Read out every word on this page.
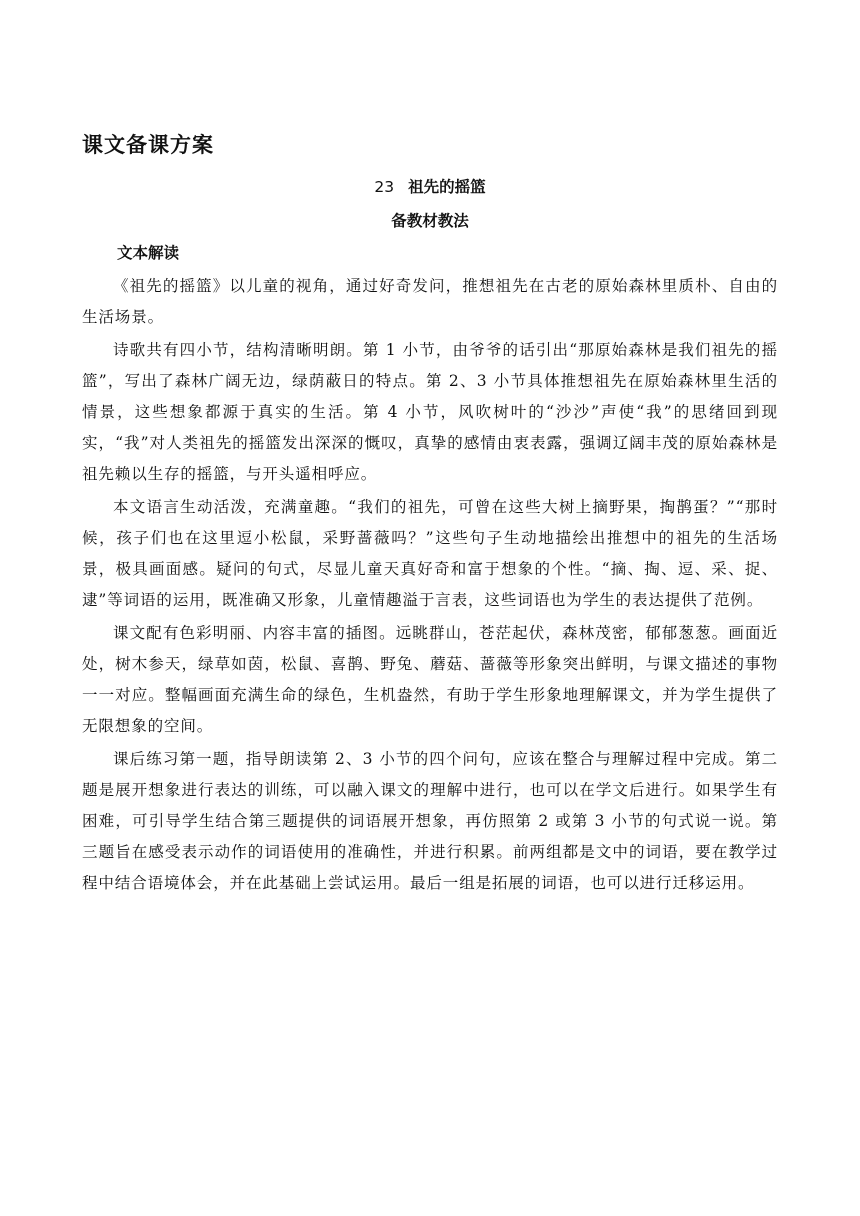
课文备课方案
23 祖先的摇篮
备教材教法
文本解读

《祖先的摇篮》以儿童的视角，通过好奇发问，推想祖先在古老的原始森林里质朴、自由的生活场景。

诗歌共有四小节，结构清晰明朗。第 1 小节，由爷爷的话引出“那原始森林是我们祖先的摇篮”，写出了森林广阔无边，绿荫蔽日的特点。第 2、3 小节具体推想祖先在原始森林里生活的情景，这些想象都源于真实的生活。第 4 小节，风吹树叶的“沙沙”声使“我”的思绪回到现实，“我”对人类祖先的摇篮发出深深的慨叹，真挚的感情由衷表露，强调辽阔丰茂的原始森林是祖先赖以生存的摇篮，与开头遥相呼应。

本文语言生动活泼，充满童趣。“我们的祖先，可曾在这些大树上摘野果，掏鹊蛋？”“那时候，孩子们也在这里逗小松鼠，采野蔷薇吗？”这些句子生动地描绘出推想中的祖先的生活场景，极具画面感。疑问的句式，尽显儿童天真好奇和富于想象的个性。“摘、掏、逗、采、捉、逮”等词语的运用，既准确又形象，儿童情趣溢于言表，这些词语也为学生的表达提供了范例。

课文配有色彩明丽、内容丰富的插图。远眺群山，苍茫起伏，森林茂密，郁郁葱葱。画面近处，树木参天，绿草如茵，松鼠、喜鹊、野兔、蘑菇、蔷薇等形象突出鲜明，与课文描述的事物一一对应。整幅画面充满生命的绿色，生机盎然，有助于学生形象地理解课文，并为学生提供了无限想象的空间。

课后练习第一题，指导朗读第 2、3 小节的四个问句，应该在整合与理解过程中完成。第二题是展开想象进行表达的训练，可以融入课文的理解中进行，也可以在学文后进行。如果学生有困难，可引导学生结合第三题提供的词语展开想象，再仿照第 2 或第 3 小节的句式说一说。第三题旨在感受表示动作的词语使用的准确性，并进行积累。前两组都是文中的词语，要在教学过程中结合语境体会，并在此基础上尝试运用。最后一组是拓展的词语，也可以进行迁移运用。
